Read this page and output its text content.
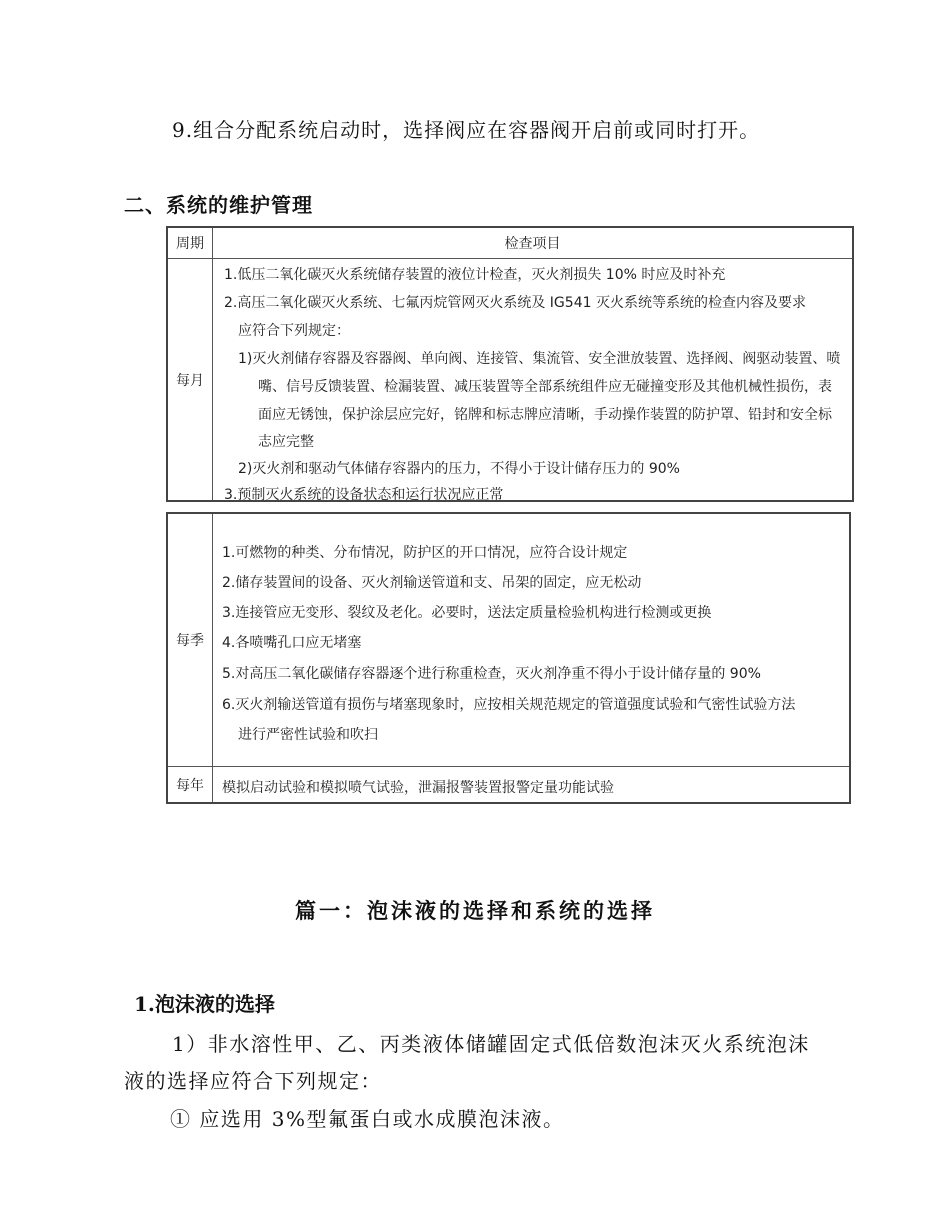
9.组合分配系统启动时，选择阀应在容器阀开启前或同时打开。
二、系统的维护管理
周期	检查项目
每月
1.低压二氧化碳灭火系统储存装置的液位计检查，灭火剂损失 10% 时应及时补充
2.高压二氧化碳灭火系统、七氟丙烷管网灭火系统及 IG541 灭火系统等系统的检查内容及要求
应符合下列规定：
1)灭火剂储存容器及容器阀、单向阀、连接管、集流管、安全泄放装置、选择阀、阀驱动装置、喷
嘴、信号反馈装置、检漏装置、减压装置等全部系统组件应无碰撞变形及其他机械性损伤，表
面应无锈蚀，保护涂层应完好，铭牌和标志牌应清晰，手动操作装置的防护罩、铅封和安全标
志应完整
2)灭火剂和驱动气体储存容器内的压力，不得小于设计储存压力的 90%
3.预制灭火系统的设备状态和运行状况应正常
每季
1.可燃物的种类、分布情况，防护区的开口情况，应符合设计规定
2.储存装置间的设备、灭火剂输送管道和支、吊架的固定，应无松动
3.连接管应无变形、裂纹及老化。必要时，送法定质量检验机构进行检测或更换
4.各喷嘴孔口应无堵塞
5.对高压二氧化碳储存容器逐个进行称重检查，灭火剂净重不得小于设计储存量的 90%
6.灭火剂输送管道有损伤与堵塞现象时，应按相关规范规定的管道强度试验和气密性试验方法
进行严密性试验和吹扫
每年	模拟启动试验和模拟喷气试验，泄漏报警装置报警定量功能试验
篇一：泡沫液的选择和系统的选择
1.泡沫液的选择
1）非水溶性甲、乙、丙类液体储罐固定式低倍数泡沫灭火系统泡沫
液的选择应符合下列规定：
① 应选用 3%型氟蛋白或水成膜泡沫液。
